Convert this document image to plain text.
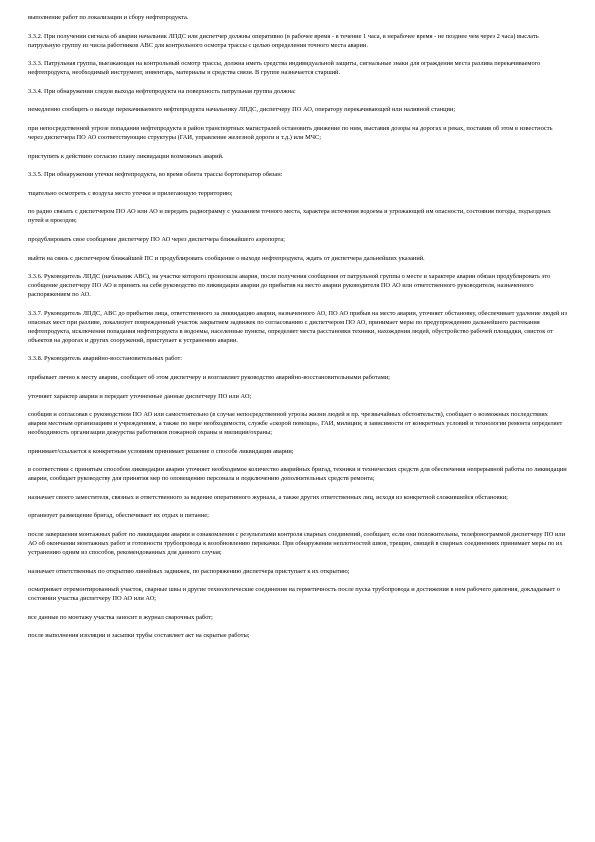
выполнение работ по локализации и сбору нефтепродукта.

3.3.2. При получении сигнала об аварии начальник ЛПДС или диспетчер должны оперативно (в рабочее время - в течение 1 часа, в нерабочее время - не позднее чем через 2 часа) выслать патрульную группу из числа работников АВС для контрольного осмотра трассы с целью определения точного места аварии.

3.3.3. Патрульная группа, выезжающая на контрольный осмотр трассы, должна иметь средства индивидуальной защиты, сигнальные знаки для ограждения места разлива перекачиваемого нефтепродукта, необходимый инструмент, инвентарь, материалы и средства связи. В группе назначается старший.

3.3.4. При обнаружении следов выхода нефтепродукта на поверхность патрульная группа должна:

немедленно сообщить о выходе перекачиваемого нефтепродукта начальнику ЛПДС, диспетчеру ПО АО, оператору перекачивающей или наливной станции;

при непосредственной угрозе попадания нефтепродукта в район транспортных магистралей остановить движение по ним, выставив дозоры на дорогах и реках, поставив об этом в известность через диспетчера ПО АО соответствующие структуры (ГАИ, управление железной дороги и т.д.) или МЧС;

приступить к действию согласно плану ликвидации возможных аварий.

3.3.5. При обнаружении утечки нефтепродукта, во время облета трассы бортоператор обязан:

тщательно осмотреть с воздуха место утечки и прилегающую территорию;

по радио связать с диспетчером ПО АО или АО и передать радиограмму с указанием точного места, характера истечения водоема и угрожающей им опасности, состояния погоды, подъездных путей и проездов;

продублировать свое сообщение диспетчеру ПО АО через диспетчера ближайшего аэропорта;

выйти на связь с диспетчером ближайшей ПС и продублировать сообщение о выходе нефтепродукта, ждать от диспетчера дальнейших указаний.

3.3.6. Руководитель ЛПДС (начальник АВС), на участке которого произошла авария, после получения сообщения от патрульной группы о месте и характере аварии обязан продублировать это сообщение диспетчеру ПО АО и принять на себя руководство по ликвидации аварии до прибытия на место аварии руководителя ПО АО или ответственного руководителя, назначенного распоряжением по АО.

3.3.7. Руководитель ЛПДС, АВС до прибытия лица, ответственного за ликвидацию аварии, назначенного АО, ПО АО прибыв на место аварии, уточняет обстановку, обеспечивает удаление людей из опасных мест при разливе, локализует поврежденный участок закрытием задвижек по согласованию с диспетчером ПО АО, принимает меры по предупреждению дальнейшего растекания нефтепродукта, исключения попадания нефтепродукта в водоемы, населенные пункты, определяет места расстановки техники, нахождения людей, обустройство рабочей площадки, свисток от объектов на дорогах и других сооружений, приступает к устранению аварии.

3.3.8. Руководитель аварийно-восстановительных работ:

прибывает лично к месту аварии, сообщает об этом диспетчеру и возглавляет руководство аварийно-восстановительными работами;

уточняет характер аварии и передает уточненные данные диспетчеру ПО или АО;

сообщив и согласовав с руководством ПО АО или самостоятельно (в случае непосредственной угрозы жизни людей и пр. чрезвычайных обстоятельств), сообщает о возможных последствиях аварии местным организациям и учреждениям, а также по мере необходимости, службе «скорой помощи», ГАИ, милиции; в зависимости от конкретных условий и технологии ремонта определяет необходимость организации дежурства работников пожарной охраны и милиции/охраны;

принимает/ссылается к конкретным условиям принимает решение о способе ликвидации аварии;

в соответствии с принятым способом ликвидации аварии уточняет необходимое количество аварийных бригад, техники и технических средств для обеспечения непрерывной работы по ликвидации аварии, сообщает руководству для принятия мер по оповещению персонала и подключению дополнительных средств ремонта;

назначает своего заместителя, связных и ответственного за ведение оперативного журнала, а также других ответственных лиц, исходя из конкретной сложившейся обстановки;

организует размещение бригад, обеспечивает их отдых и питание;

после завершения монтажных работ по ликвидации аварии и ознакомления с результатами контроля сварных соединений, сообщает, если они положительны, телефонограммой диспетчеру ПО или АО об окончании монтажных работ и готовности трубопровода к возобновлению перекачки. При обнаружении неплотностей швов, трещин, свищей в сварных соединениях принимает меры по их устранению одним из способов, рекомендованных для данного случая;

назначает ответственных по открытию линейных задвижек, по распоряжению диспетчера приступает к их открытию;

осматривает отремонтированный участок, сварные швы и другие технологические соединения на герметичность после пуска трубопровода и достижения в нем рабочего давления, докладывает о состоянии участка диспетчеру ПО АО или АО;

все данные по монтажу участка заносит в журнал сварочных работ;

после выполнения изоляции и засыпки трубы составляет акт на скрытые работы;
